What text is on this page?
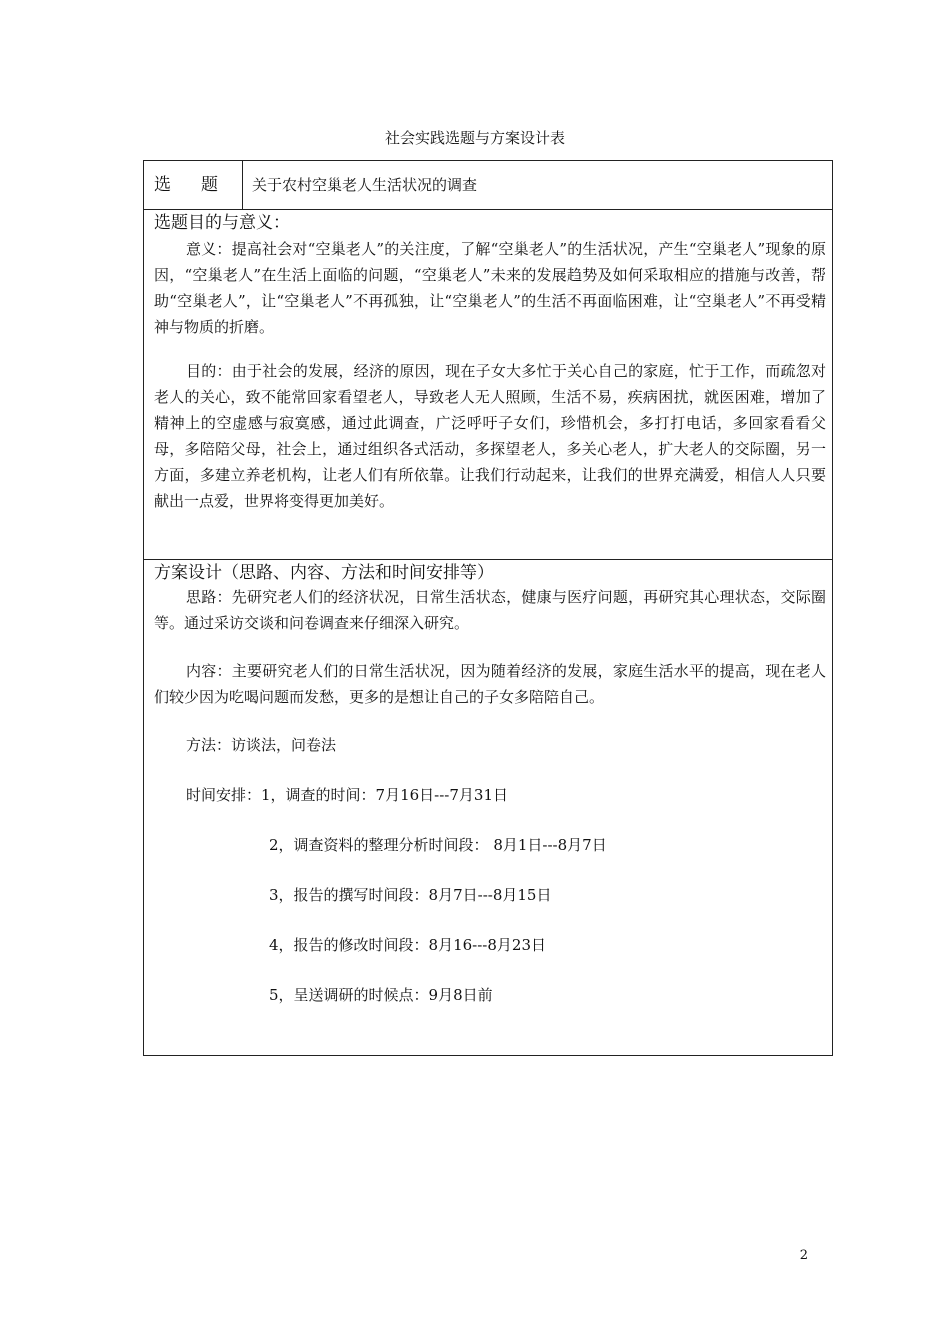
社会实践选题与方案设计表
选 题	关于农村空巢老人生活状况的调查
选题目的与意义：
意义：提高社会对“空巢老人”的关注度，了解“空巢老人”的生活状况，产生“空巢老人”现象的原因，“空巢老人”在生活上面临的问题，“空巢老人”未来的发展趋势及如何采取相应的措施与改善，帮助“空巢老人”，让“空巢老人”不再孤独，让“空巢老人”的生活不再面临困难，让“空巢老人”不再受精神与物质的折磨。
目的：由于社会的发展，经济的原因，现在子女大多忙于关心自己的家庭，忙于工作，而疏忽对老人的关心，致不能常回家看望老人，导致老人无人照顾，生活不易，疾病困扰，就医困难，增加了精神上的空虚感与寂寞感，通过此调查，广泛呼吁子女们，珍惜机会，多打打电话，多回家看看父母，多陪陪父母，社会上，通过组织各式活动，多探望老人，多关心老人，扩大老人的交际圈，另一方面，多建立养老机构，让老人们有所依靠。让我们行动起来，让我们的世界充满爱，相信人人只要献出一点爱，世界将变得更加美好。
方案设计（思路、内容、方法和时间安排等）
思路：先研究老人们的经济状况，日常生活状态，健康与医疗问题，再研究其心理状态，交际圈等。通过采访交谈和问卷调查来仔细深入研究。
内容：主要研究老人们的日常生活状况，因为随着经济的发展，家庭生活水平的提高，现在老人们较少因为吃喝问题而发愁，更多的是想让自己的子女多陪陪自己。
方法：访谈法，问卷法
时间安排：1，调查的时间：7月16日---7月31日
2，调查资料的整理分析时间段： 8月1日---8月7日
3，报告的撰写时间段：8月7日---8月15日
4，报告的修改时间段：8月16---8月23日
5，呈送调研的时候点：9月8日前
2
